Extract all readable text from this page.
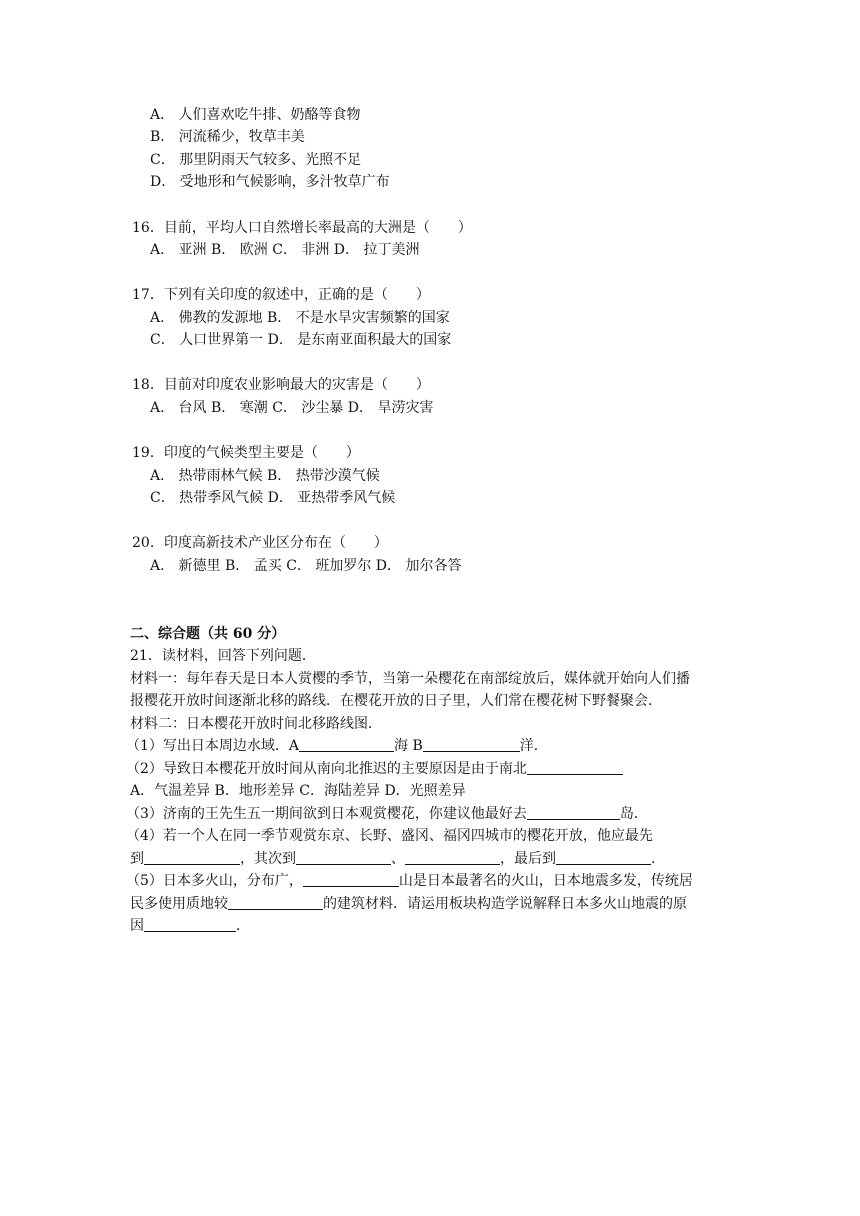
A． 人们喜欢吃牛排、奶酪等食物
B． 河流稀少，牧草丰美
C． 那里阴雨天气较多、光照不足
D． 受地形和气候影响，多汁牧草广布
16．目前，平均人口自然增长率最高的大洲是（　　）
A． 亚洲 B． 欧洲 C． 非洲 D． 拉丁美洲
17．下列有关印度的叙述中，正确的是（　　）
A． 佛教的发源地 B． 不是水旱灾害频繁的国家
C． 人口世界第一 D． 是东南亚面积最大的国家
18．目前对印度农业影响最大的灾害是（　　）
A． 台风 B． 寒潮 C． 沙尘暴 D． 旱涝灾害
19．印度的气候类型主要是（　　）
A． 热带雨林气候 B． 热带沙漠气候
C． 热带季风气候 D． 亚热带季风气候
20．印度高新技术产业区分布在（　　）
A． 新德里 B． 孟买 C． 班加罗尔 D． 加尔各答
二、综合题（共 60 分）
21．读材料，回答下列问题．
材料一：每年春天是日本人赏樱的季节，当第一朵樱花在南部绽放后，媒体就开始向人们播
报樱花开放时间逐渐北移的路线．在樱花开放的日子里，人们常在樱花树下野餐聚会．
材料二：日本樱花开放时间北移路线图．
（1）写出日本周边水域．A	海 B	洋．
（2）导致日本樱花开放时间从南向北推迟的主要原因是由于南北
A．气温差异 B．地形差异 C．海陆差异 D．光照差异
（3）济南的王先生五一期间欲到日本观赏樱花，你建议他最好去	岛．
（4）若一个人在同一季节观赏东京、长野、盛冈、福冈四城市的樱花开放，他应最先
到	，其次到	、	，最后到	．
（5）日本多火山，分布广，	山是日本最著名的火山，日本地震多发，传统居
民多使用质地较	的建筑材料．请运用板块构造学说解释日本多火山地震的原
因	．
